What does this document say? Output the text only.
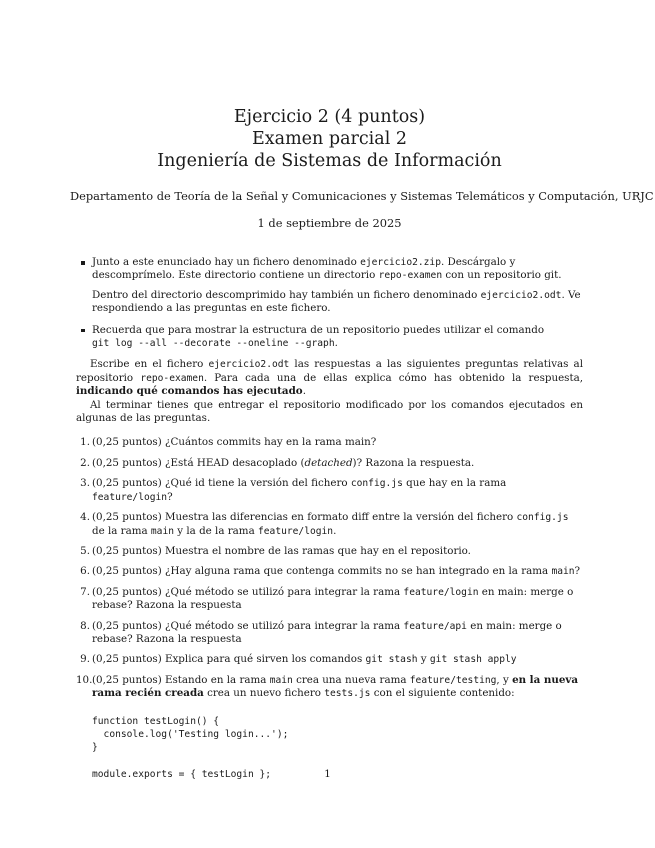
Ejercicio 2 (4 puntos)
Examen parcial 2
Ingeniería de Sistemas de Información
Departamento de Teoría de la Señal y Comunicaciones y Sistemas Telemáticos y Computación, URJC
1 de septiembre de 2025

Junto a este enunciado hay un fichero denominado ejercicio2.zip. Descárgalo y descomprímelo. Este directorio contiene un directorio repo-examen con un repositorio git.

Dentro del directorio descomprimido hay también un fichero denominado ejercicio2.odt. Ve respondiendo a las preguntas en este fichero.

Recuerda que para mostrar la estructura de un repositorio puedes utilizar el comando
git log --all --decorate --oneline --graph.

Escribe en el fichero ejercicio2.odt las respuestas a las siguientes preguntas relativas al repositorio repo-examen. Para cada una de ellas explica cómo has obtenido la respuesta, indicando qué comandos has ejecutado.

Al terminar tienes que entregar el repositorio modificado por los comandos ejecutados en algunas de las preguntas.

1. (0,25 puntos) ¿Cuántos commits hay en la rama main?
2. (0,25 puntos) ¿Está HEAD desacoplado (detached)? Razona la respuesta.
3. (0,25 puntos) ¿Qué id tiene la versión del fichero config.js que hay en la rama feature/login?
4. (0,25 puntos) Muestra las diferencias en formato diff entre la versión del fichero config.js de la rama main y la de la rama feature/login.
5. (0,25 puntos) Muestra el nombre de las ramas que hay en el repositorio.
6. (0,25 puntos) ¿Hay alguna rama que contenga commits no se han integrado en la rama main?
7. (0,25 puntos) ¿Qué método se utilizó para integrar la rama feature/login en main: merge o rebase? Razona la respuesta
8. (0,25 puntos) ¿Qué método se utilizó para integrar la rama feature/api en main: merge o rebase? Razona la respuesta
9. (0,25 puntos) Explica para qué sirven los comandos git stash y git stash apply
10. (0,25 puntos) Estando en la rama main crea una nueva rama feature/testing, y en la nueva rama recién creada crea un nuevo fichero tests.js con el siguiente contenido:
function testLogin() {
console.log('Testing login...');
}

module.exports = { testLogin };	1
